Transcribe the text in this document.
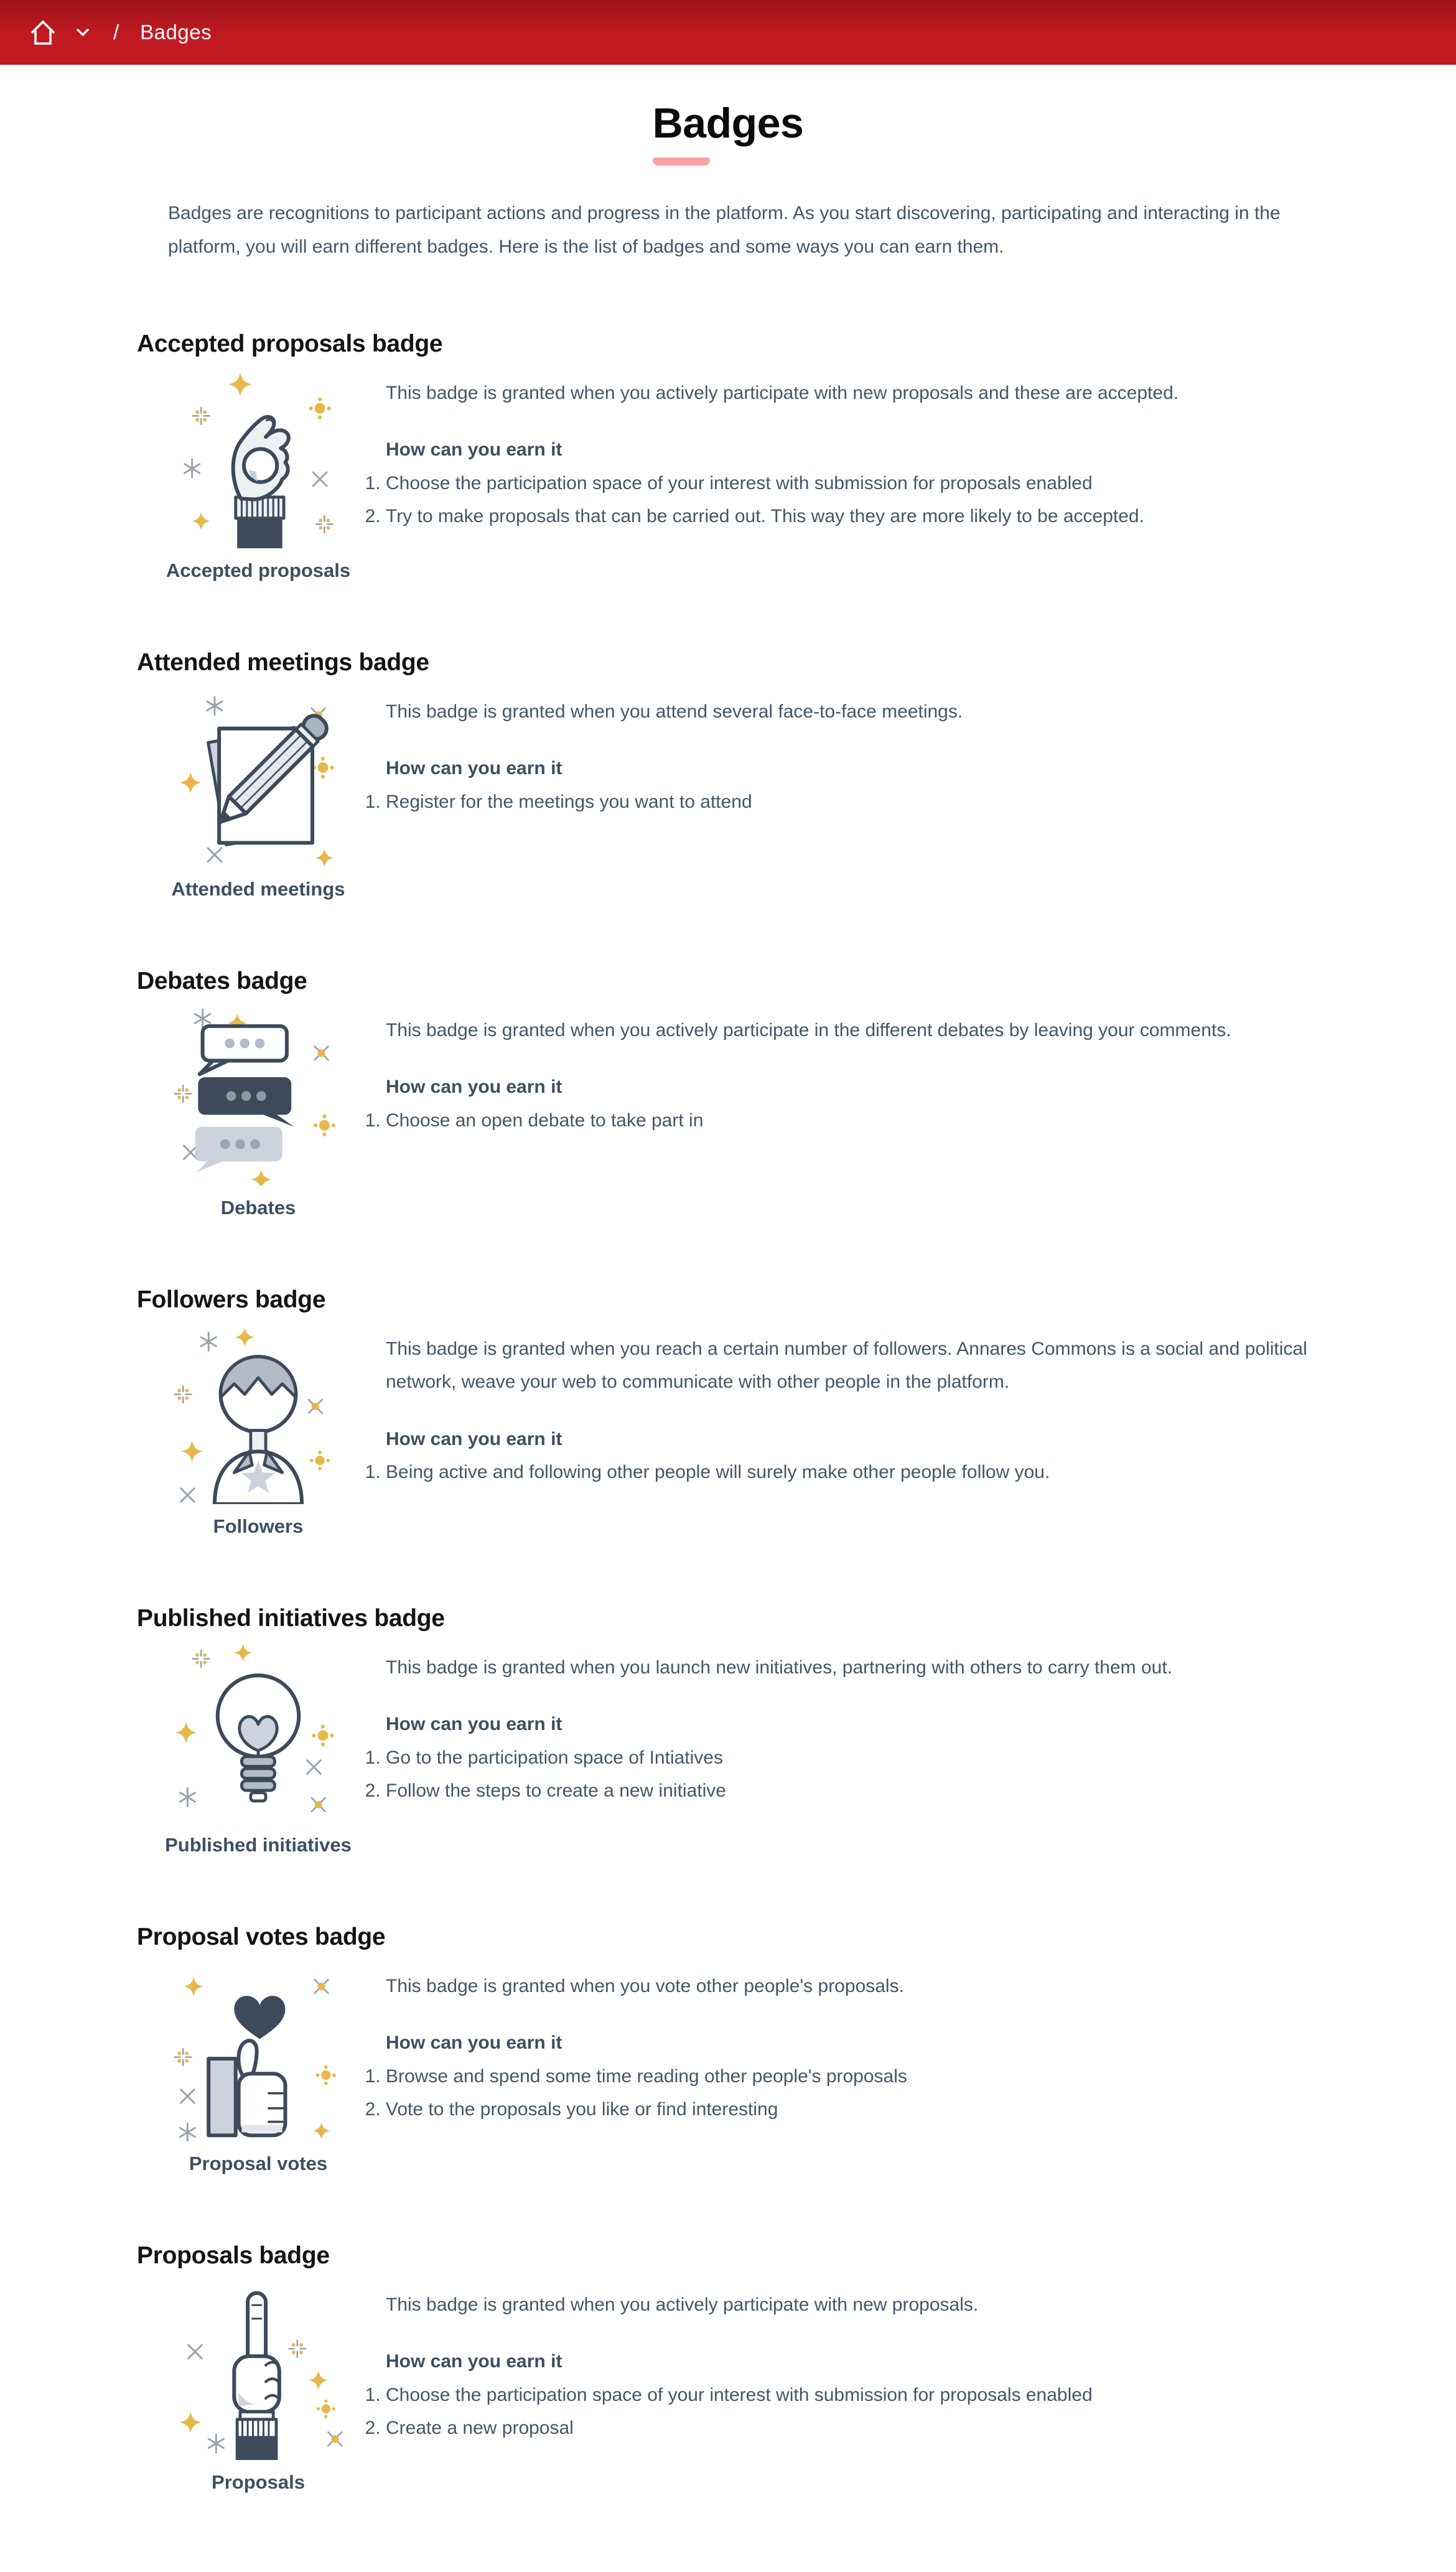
/ Badges
Badges

Badges are recognitions to participant actions and progress in the platform. As you start discovering, participating and interacting in the platform, you will earn different badges. Here is the list of badges and some ways you can earn them.

Accepted proposals badge
Accepted proposals

This badge is granted when you actively participate with new proposals and these are accepted.

How can you earn it

1. Choose the participation space of your interest with submission for proposals enabled
2. Try to make proposals that can be carried out. This way they are more likely to be accepted.
Attended meetings badge
Attended meetings

This badge is granted when you attend several face-to-face meetings.

How can you earn it

1. Register for the meetings you want to attend
Debates badge
Debates

This badge is granted when you actively participate in the different debates by leaving your comments.

How can you earn it

1. Choose an open debate to take part in
Followers badge
Followers

This badge is granted when you reach a certain number of followers. Annares Commons is a social and political network, weave your web to communicate with other people in the platform.

How can you earn it

1. Being active and following other people will surely make other people follow you.
Published initiatives badge
Published initiatives

This badge is granted when you launch new initiatives, partnering with others to carry them out.

How can you earn it

1. Go to the participation space of Intiatives
2. Follow the steps to create a new initiative
Proposal votes badge
Proposal votes

This badge is granted when you vote other people's proposals.

How can you earn it

1. Browse and spend some time reading other people's proposals
2. Vote to the proposals you like or find interesting
Proposals badge
Proposals

This badge is granted when you actively participate with new proposals.

How can you earn it

1. Choose the participation space of your interest with submission for proposals enabled
2. Create a new proposal
